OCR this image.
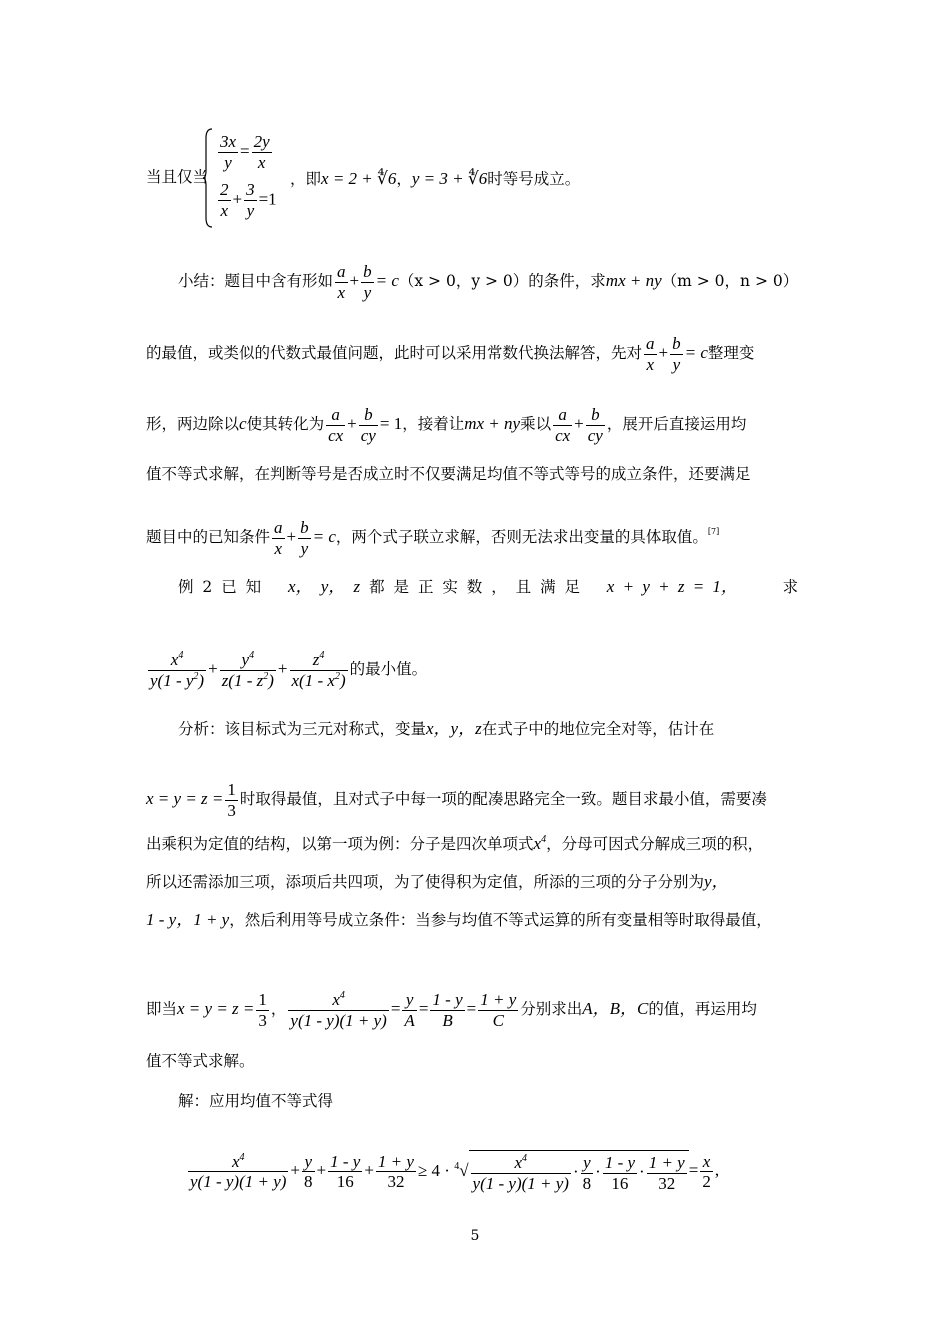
当且仅当
$\frac{3x}{y} = \frac{2y}{x}$
$\frac{2}{x} + \frac{3}{y} =1$
，即x = 2 + ∜6，y = 3 + ∜6时等号成立。
小结：题目中含有形如 $\frac{a}{x} + \frac{b}{y} = c(x > 0$，y > 0）的条件，求mx + ny（m > 0，n > 0）
的最值，或类似的代数式最值问题，此时可以采用常数代换法解答，先对 $\frac{a}{x} + \frac{b}{y} = c$整理变
形，两边除以c使其转化为 $\frac{a}{cx} + \frac{b}{cy} = 1$，接着让mx + ny乘以 $\frac{a}{cx} + \frac{b}{cy}$ ，展开后直接运用均
值不等式求解，在判断等号是否成立时不仅要满足均值不等式等号的成立条件，还要满足
题目中的已知条件 $\frac{a}{x} + \frac{b}{y} = c$，两个式子联立求解，否则无法求出变量的具体取值。[7]
例 2 已 知 x， y， z 都 是 正 实 数 ， 且 满 足 x + y + z = 1，	求
$\frac{x^4}{y(1 - y^2)} + \frac{y^4}{z(1 - z^2)} + \frac{z^4}{x(1 - x^2)}$ 的最小值。
分析：该目标式为三元对称式，变量x，y，z在式子中的地位完全对等，估计在
$x = y = z = \frac{1}{3}$ 时取得最值，且对式子中每一项的配凑思路完全一致。题目求最小值，需要凑
出乘积为定值的结构，以第一项为例：分子是四次单项式$x^4$，分母可因式分解成三项的积，
所以还需添加三项，添项后共四项，为了使得积为定值，所添的三项的分子分别为y，
1 - y，1 + y，然后利用等号成立条件：当参与均值不等式运算的所有变量相等时取得最值，
即当$x = y = z = \frac{1}{3}$ ， $\frac{x^4}{y(1 - y)(1 + y)} = \frac{y}{A} = \frac{1 - y}{B} = \frac{1 + y}{C}$ 分别求出A，B，C的值，再运用均
值不等式求解。
解：应用均值不等式得
$\frac{x^4}{y(1 - y)(1 + y)} + \frac{y}{8} + \frac{1 - y}{16} + \frac{1 + y}{32} \ge 4 \cdot ^4√ \frac{x^4}{y(1 - y)(1 + y)} \cdot \frac{y}{8} \cdot \frac{1 - y}{16} \cdot \frac{1 + y}{32} = \frac{x}{2}$ ,
5
